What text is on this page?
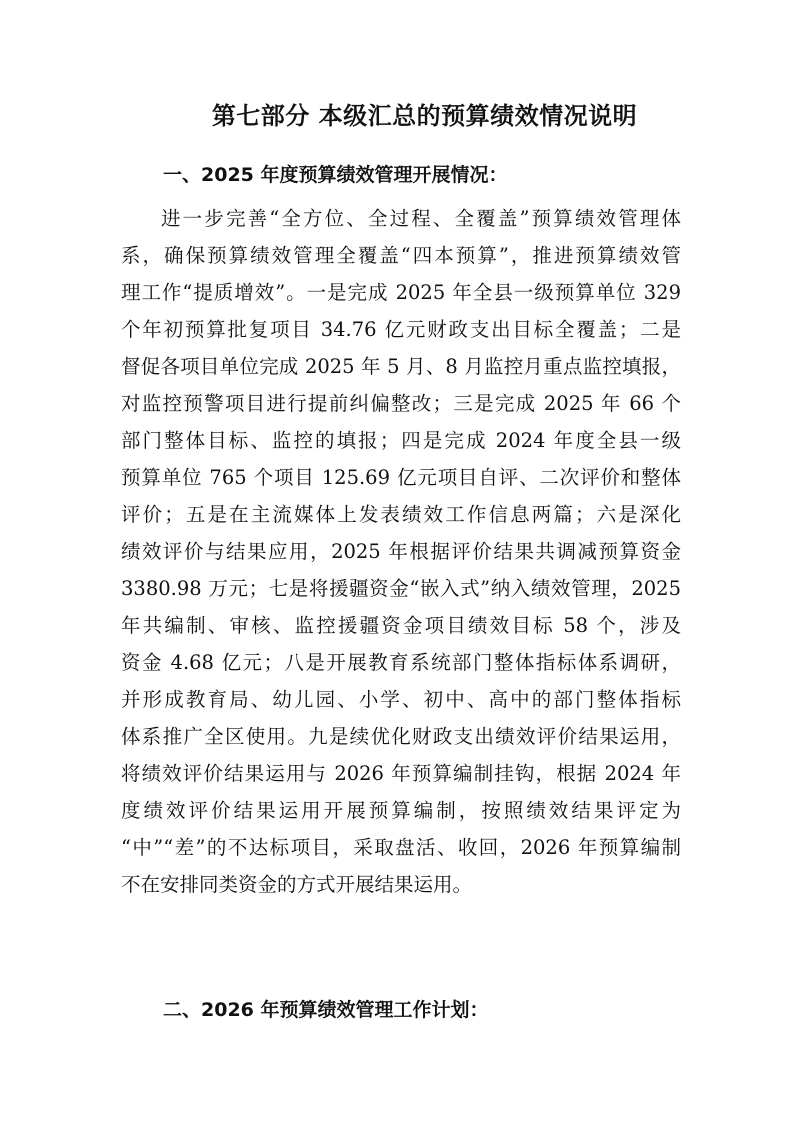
第七部分 本级汇总的预算绩效情况说明
一、2025 年度预算绩效管理开展情况：
进一步完善“全方位、全过程、全覆盖”预算绩效管理体
系，确保预算绩效管理全覆盖“四本预算”，推进预算绩效管
理工作“提质增效”。一是完成 2025 年全县一级预算单位 329
个年初预算批复项目 34.76 亿元财政支出目标全覆盖；二是
督促各项目单位完成 2025 年 5 月、8 月监控月重点监控填报，
对监控预警项目进行提前纠偏整改；三是完成 2025 年 66 个
部门整体目标、监控的填报；四是完成 2024 年度全县一级
预算单位 765 个项目 125.69 亿元项目自评、二次评价和整体
评价；五是在主流媒体上发表绩效工作信息两篇；六是深化
绩效评价与结果应用，2025 年根据评价结果共调减预算资金
3380.98 万元；七是将援疆资金“嵌入式”纳入绩效管理，2025
年共编制、审核、监控援疆资金项目绩效目标 58 个，涉及
资金 4.68 亿元；八是开展教育系统部门整体指标体系调研，
并形成教育局、幼儿园、小学、初中、高中的部门整体指标
体系推广全区使用。九是续优化财政支出绩效评价结果运用，
将绩效评价结果运用与 2026 年预算编制挂钩，根据 2024 年
度绩效评价结果运用开展预算编制，按照绩效结果评定为
“中”“差”的不达标项目，采取盘活、收回，2026 年预算编制
不在安排同类资金的方式开展结果运用。
二、2026 年预算绩效管理工作计划：
